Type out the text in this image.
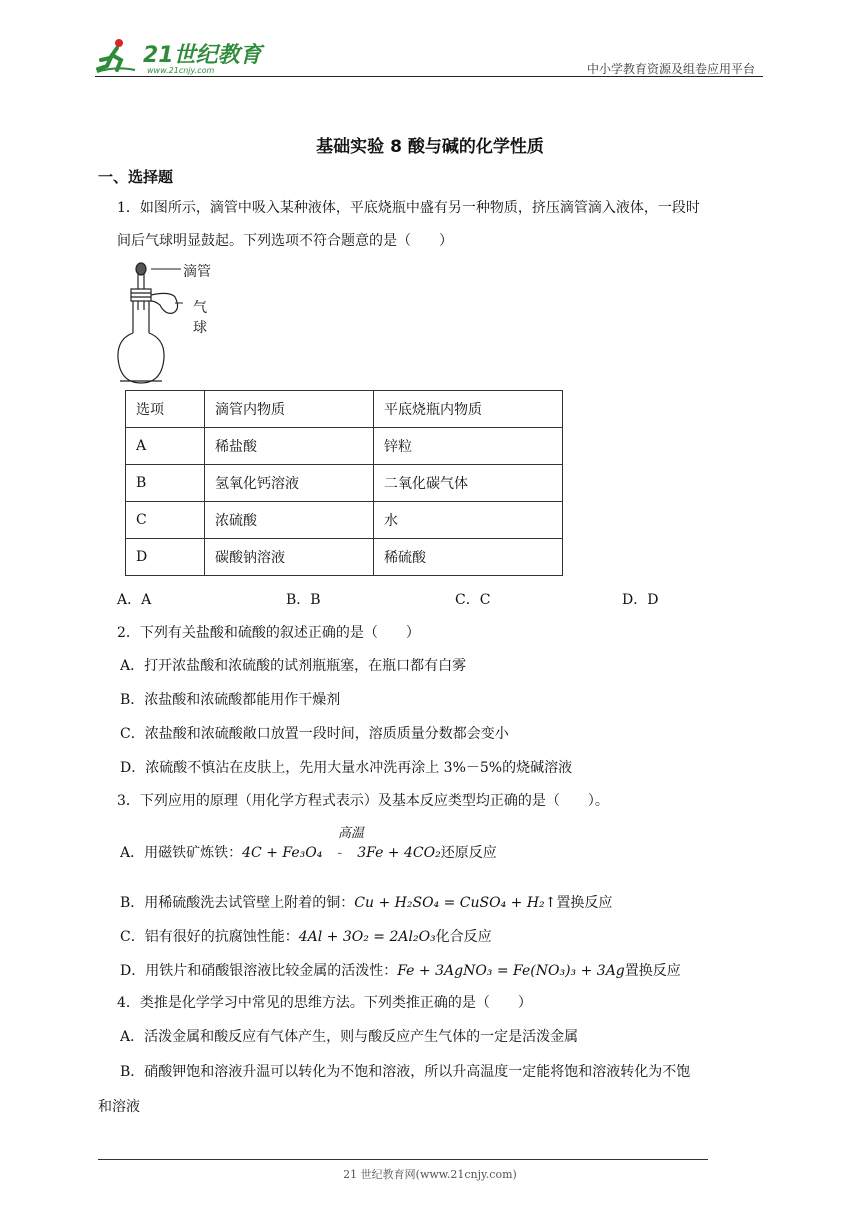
21世纪教育
www.21cnjy.com	中小学教育资源及组卷应用平台
基础实验 8 酸与碱的化学性质
一、选择题
1．如图所示，滴管中吸入某种液体，平底烧瓶中盛有另一种物质，挤压滴管滴入液体，一段时
间后气球明显鼓起。下列选项不符合题意的是（　　）
滴管
气
球
选项	滴管内物质	平底烧瓶内物质
A	稀盐酸	锌粒
B	氢氧化钙溶液	二氧化碳气体
C	浓硫酸	水
D	碳酸钠溶液	稀硫酸
A．A	B．B	C．C	D．D
2．下列有关盐酸和硫酸的叙述正确的是（　　）
A．打开浓盐酸和浓硫酸的试剂瓶瓶塞，在瓶口都有白雾
B．浓盐酸和浓硫酸都能用作干燥剂
C．浓盐酸和浓硫酸敞口放置一段时间，溶质质量分数都会变小
D．浓硫酸不慎沾在皮肤上，先用大量水冲洗再涂上 3%－5%的烧碱溶液
3．下列应用的原理（用化学方程式表示）及基本反应类型均正确的是（　　）。
高温
A．用磁铁矿炼铁：4C + Fe₃O₄ ‐ 3Fe + 4CO₂还原反应
B．用稀硫酸洗去试管壁上附着的铜：Cu + H₂SO₄ = CuSO₄ + H₂↑置换反应
C．铝有很好的抗腐蚀性能：4Al + 3O₂ = 2Al₂O₃化合反应
D．用铁片和硝酸银溶液比较金属的活泼性：Fe + 3AgNO₃ = Fe(NO₃)₃ + 3Ag置换反应
4．类推是化学学习中常见的思维方法。下列类推正确的是（　　）
A．活泼金属和酸反应有气体产生，则与酸反应产生气体的一定是活泼金属
B．硝酸钾饱和溶液升温可以转化为不饱和溶液，所以升高温度一定能将饱和溶液转化为不饱
和溶液
21 世纪教育网(www.21cnjy.com)
